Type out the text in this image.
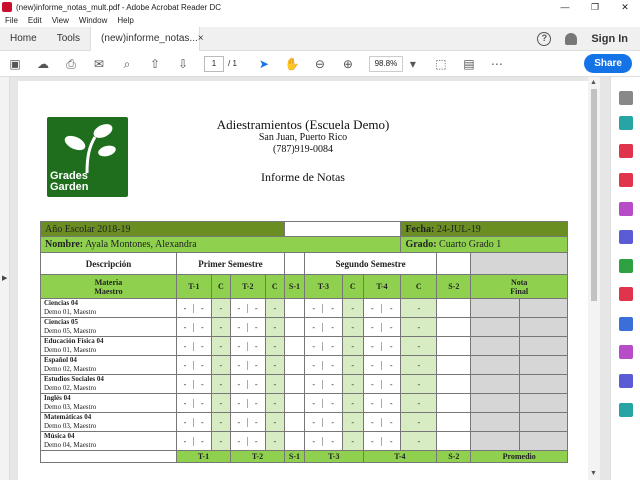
(new)informe_notas_mult.pdf - Adobe Acrobat Reader DC	—	❐	✕
File	Edit	View	Window	Help
Home	Tools	(new)informe_notas... ×	?	Sign In
▣ ☁ ⎙ ✉	⌕	⇧ ⇩	1	/ 1 ➤ ✋ ⊖ ⊕	98.8%	▾	⬚ ▤ ⋯	Share
▶
▲
▼
Grades
Garden
Adiestramientos (Escuela Demo)
San Juan, Puerto Rico
(787)919-0084
Informe de Notas
Año Escolar 2018-19									Fecha: 24-JUL-19			
Nombre: Ayala Montones, Alexandra									Grado: Cuarto Grado 1			
Descripción	Primer Semestre					Segundo Semestre					
Materia
Maestro	T-1	C	T-2	C	S-1	T-3	C	T-4	C	S-2	Nota
Final	
Ciencias 04
Demo 01, Maestro	- -	-	- -	-		- -	-	- -	-			
Ciencias 05
Demo 05, Maestro	- -	-	- -	-		- -	-	- -	-			
Educación Física 04
Demo 01, Maestro	- -	-	- -	-		- -	-	- -	-			
Español 04
Demo 02, Maestro	- -	-	- -	-		- -	-	- -	-			
Estudios Sociales 04
Demo 02, Maestro	- -	-	- -	-		- -	-	- -	-			
Inglés 04
Demo 03, Maestro	- -	-	- -	-		- -	-	- -	-			
Matemáticas 04
Demo 03, Maestro	- -	-	- -	-		- -	-	- -	-			
Música 04
Demo 04, Maestro	- -	-	- -	-		- -	-	- -	-			
	T-1		T-2		S-1	T-3		T-4		S-2	Promedio	
